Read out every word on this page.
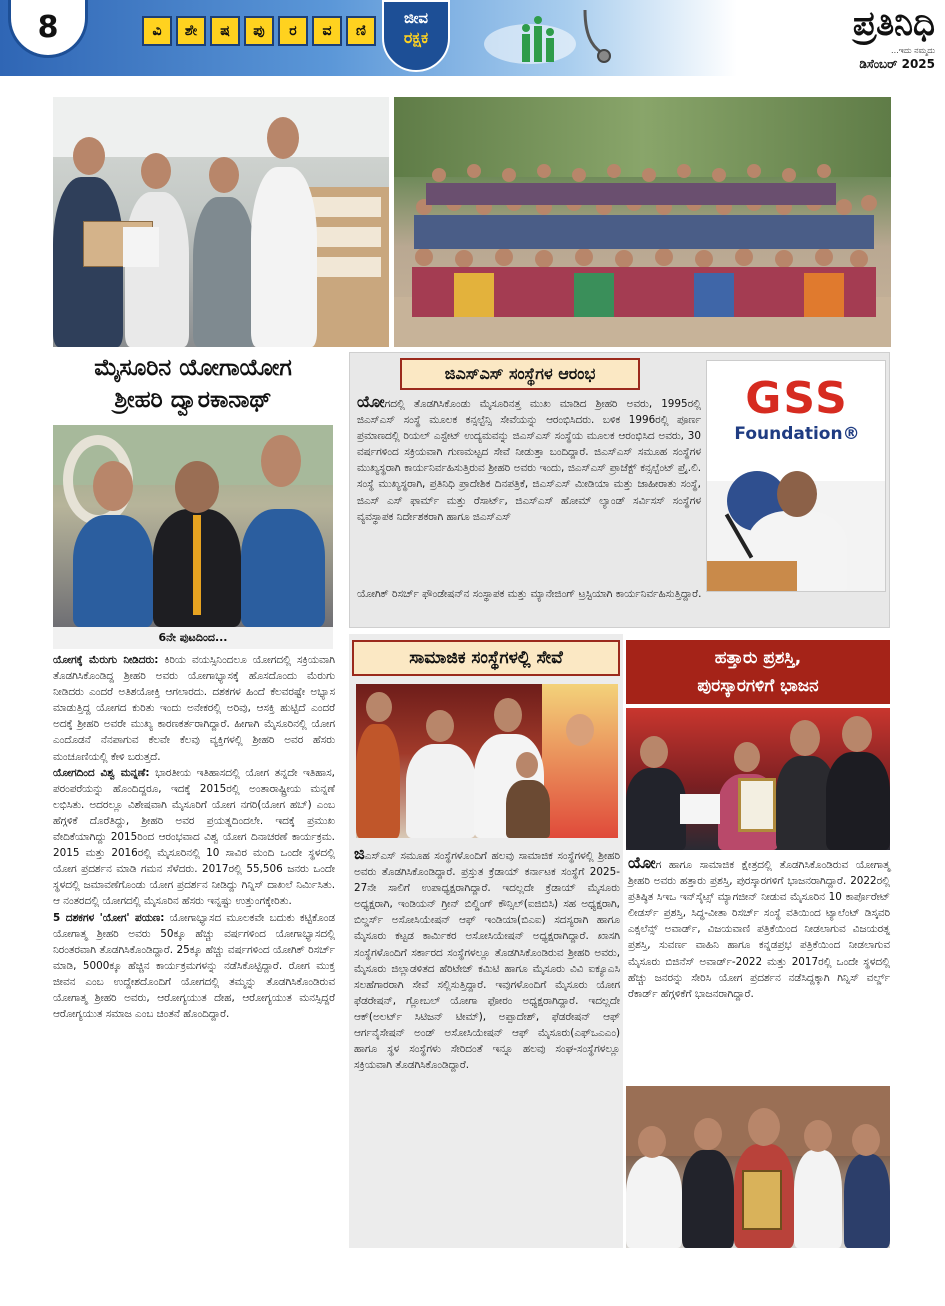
8	ವಿ	ಶೇ	ಷ	ಪು	ರ	ವ	ಣಿ
ಜೀವ
ರಕ್ಷಕ	ಪ್ರತಿನಿಧಿ
...ಇದು ನಮ್ಮದು
ಡಿಸೆಂಬರ್ 2025
ಮೈಸೂರಿನ ಯೋಗಾಯೋಗ
ಶ್ರೀಹರಿ ದ್ವಾರಕಾನಾಥ್
6ನೇ ಪುಟದಿಂದ...

ಯೋಗಕ್ಕೆ ಮೆರುಗು ನೀಡಿದರು: ಕಿರಿಯ ವಯಸ್ಸಿನಿಂದಲೂ ಯೋಗದಲ್ಲಿ ಸಕ್ರಿಯವಾಗಿ ತೊಡಗಿಸಿಕೊಂಡಿದ್ದ ಶ್ರೀಹರಿ ಅವರು ಯೋಗಾಭ್ಯಾಸಕ್ಕೆ ಹೊಸದೊಂದು ಮೆರುಗು ನೀಡಿದರು ಎಂದರೆ ಅತಿಶಯೋಕ್ತಿ ಆಗಲಾರದು. ದಶಕಗಳ ಹಿಂದೆ ಕೆಲವರಷ್ಟೇ ಅಭ್ಯಾಸ ಮಾಡುತ್ತಿದ್ದ ಯೋಗದ ಕುರಿತು ಇಂದು ಅನೇಕರಲ್ಲಿ ಅರಿವು, ಆಸಕ್ತಿ ಹುಟ್ಟಿದೆ ಎಂದರೆ ಅದಕ್ಕೆ ಶ್ರೀಹರಿ ಅವರೇ ಮುಖ್ಯ ಕಾರಣಕರ್ತರಾಗಿದ್ದಾರೆ. ಹೀಗಾಗಿ ಮೈಸೂರಿನಲ್ಲಿ ಯೋಗ ಎಂದೊಡನೆ ನೆನಪಾಗುವ ಕೆಲವೇ ಕೆಲವು ವ್ಯಕ್ತಿಗಳಲ್ಲಿ ಶ್ರೀಹರಿ ಅವರ ಹೆಸರು ಮಂಚೂಣಿಯಲ್ಲಿ ಕೇಳಿ ಬರುತ್ತದೆ.

ಯೋಗದಿಂದ ವಿಶ್ವ ಮನ್ನಣೆ: ಭಾರತೀಯ ಇತಿಹಾಸದಲ್ಲಿ ಯೋಗ ತನ್ನದೇ ಇತಿಹಾಸ, ಪರಂಪರೆಯನ್ನು ಹೊಂದಿದ್ದರೂ, ಇದಕ್ಕೆ 2015ರಲ್ಲಿ ಅಂತಾರಾಷ್ಟ್ರೀಯ ಮನ್ನಣೆ ಲಭಿಸಿತು. ಅದರಲ್ಲೂ ವಿಶೇಷವಾಗಿ ಮೈಸೂರಿಗೆ ಯೋಗ ನಗರಿ(ಯೋಗ ಹಬ್) ಎಂಬ ಹೆಗ್ಗಳಿಕೆ ದೊರೆತಿದ್ದು, ಶ್ರೀಹರಿ ಅವರ ಪ್ರಯತ್ನದಿಂದಲೇ. ಇದಕ್ಕೆ ಪ್ರಮುಖ ವೇದಿಕೆಯಾಗಿದ್ದು 2015ರಿಂದ ಆರಂಭವಾದ ವಿಶ್ವ ಯೋಗ ದಿನಾಚರಣೆ ಕಾರ್ಯಕ್ರಮ. 2015 ಮತ್ತು 2016ರಲ್ಲಿ ಮೈಸೂರಿನಲ್ಲಿ 10 ಸಾವಿರ ಮಂದಿ ಒಂದೇ ಸ್ಥಳದಲ್ಲಿ ಯೋಗ ಪ್ರದರ್ಶನ ಮಾಡಿ ಗಮನ ಸೆಳೆದರು. 2017ರಲ್ಲಿ 55,506 ಜನರು ಒಂದೇ ಸ್ಥಳದಲ್ಲಿ ಜಮಾವಣೆಗೊಂಡು ಯೋಗ ಪ್ರದರ್ಶನ ನೀಡಿದ್ದು ಗಿನ್ನಿಸ್ ದಾಖಲೆ ನಿರ್ಮಿಸಿತು. ಆ ನಂತರದಲ್ಲಿ ಯೋಗದಲ್ಲಿ ಮೈಸೂರಿನ ಹೆಸರು ಇನ್ನಷ್ಟು ಉತ್ತುಂಗಕ್ಕೇರಿತು.

5 ದಶಕಗಳ 'ಯೋಗ' ಪಯಣ: ಯೋಗಾಭ್ಯಾಸದ ಮೂಲಕವೇ ಬದುಕು ಕಟ್ಟಿಕೊಂಡ ಯೋಗಾತ್ಮ ಶ್ರೀಹರಿ ಅವರು 50ಕ್ಕೂ ಹೆಚ್ಚು ವರ್ಷಗಳಿಂದ ಯೋಗಾಭ್ಯಾಸದಲ್ಲಿ ನಿರಂತರವಾಗಿ ತೊಡಗಿಸಿಕೊಂಡಿದ್ದಾರೆ. 25ಕ್ಕೂ ಹೆಚ್ಚು ವರ್ಷಗಳಿಂದ ಯೋಗಿಕ್ ರಿಸರ್ಚ್ ಮಾಡಿ, 5000ಕ್ಕೂ ಹೆಚ್ಚಿನ ಕಾರ್ಯಕ್ರಮಗಳನ್ನು ನಡೆಸಿಕೊಟ್ಟಿದ್ದಾರೆ. ರೋಗ ಮುಕ್ತ ಜೀವನ ಎಂಬ ಉದ್ದೇಶದೊಂದಿಗೆ ಯೋಗದಲ್ಲಿ ತಮ್ಮನ್ನು ತೊಡಗಿಸಿಕೊಂಡಿರುವ ಯೋಗಾತ್ಮ ಶ್ರೀಹರಿ ಅವರು, ಆರೋಗ್ಯಯುತ ದೇಹ, ಆರೋಗ್ಯಯುತ ಮನಸ್ಸಿದ್ದರೆ ಆರೋಗ್ಯಯುತ ಸಮಾಜ ಎಂಬ ಚಿಂತನೆ ಹೊಂದಿದ್ದಾರೆ.

ಜಿಎಸ್‌ಎಸ್ ಸಂಸ್ಥೆಗಳ ಆರಂಭ
ಯೋಗದಲ್ಲಿ ತೊಡಗಿಸಿಕೊಂಡು ಮೈಸೂರಿನತ್ತ ಮುಖ ಮಾಡಿದ ಶ್ರೀಹರಿ ಅವರು, 1995ರಲ್ಲಿ ಜಿಎಸ್‌ಎಸ್ ಸಂಸ್ಥೆ ಮೂಲಕ ಕನ್ಸಲ್ಟೆನ್ಸಿ ಸೇವೆಯನ್ನು ಆರಂಭಿಸಿದರು. ಬಳಿಕ 1996ರಲ್ಲಿ ಪೂರ್ಣ ಪ್ರಮಾಣದಲ್ಲಿ ರಿಯಲ್ ಎಸ್ಟೇಟ್ ಉದ್ಯಮವನ್ನು ಜಿಎಸ್‌ಎಸ್ ಸಂಸ್ಥೆಯ ಮೂಲಕ ಆರಂಭಿಸಿದ ಅವರು, 30 ವರ್ಷಗಳಿಂದ ಸಕ್ರಿಯವಾಗಿ ಗುಣಮಟ್ಟದ ಸೇವೆ ನೀಡುತ್ತಾ ಬಂದಿದ್ದಾರೆ. ಜಿಎಸ್‌ಎಸ್ ಸಮೂಹ ಸಂಸ್ಥೆಗಳ ಮುಖ್ಯಸ್ಥರಾಗಿ ಕಾರ್ಯನಿರ್ವಹಿಸುತ್ತಿರುವ ಶ್ರೀಹರಿ ಅವರು ಇಂದು, ಜಿಎಸ್‌ಎಸ್ ಪ್ರಾಜೆಕ್ಟ್ ಕನ್ಸಲ್ಟೆಂಟ್ ಪ್ರೈ.ಲಿ. ಸಂಸ್ಥೆ ಮುಖ್ಯಸ್ಥರಾಗಿ, ಪ್ರತಿನಿಧಿ ಪ್ರಾದೇಶಿಕ ದಿನಪತ್ರಿಕೆ, ಜಿಎಸ್‌ಎಸ್ ಮೀಡಿಯಾ ಮತ್ತು ಜಾಹೀರಾತು ಸಂಸ್ಥೆ, ಜಿಎಸ್ ಎಸ್ ಫಾರ್ಮ್ ಮತ್ತು ರೆಸಾರ್ಟ್, ಜಿಎಸ್‌ಎಸ್ ಹೋಮ್ ಲ್ಯಾಂಡ್ ಸರ್ವಿಸಸ್ ಸಂಸ್ಥೆಗಳ ವ್ಯವಸ್ಥಾಪಕ ನಿರ್ದೇಶಕರಾಗಿ ಹಾಗೂ ಜಿಎಸ್‌ಎಸ್
ಯೋಗಿಕ್ ರಿಸರ್ಚ್ ಫೌಂಡೇಷನ್‌ನ ಸಂಸ್ಥಾಪಕ ಮತ್ತು ಮ್ಯಾನೇಜಿಂಗ್ ಟ್ರಸ್ಟಿಯಾಗಿ ಕಾರ್ಯನಿರ್ವಹಿಸುತ್ತಿದ್ದಾರೆ.
GSS
Foundation®
ಸಾಮಾಜಿಕ ಸಂಸ್ಥೆಗಳಲ್ಲಿ ಸೇವೆ
ಜಿಎಸ್‌ಎಸ್ ಸಮೂಹ ಸಂಸ್ಥೆಗಳೊಂದಿಗೆ ಹಲವು ಸಾಮಾಜಿಕ ಸಂಸ್ಥೆಗಳಲ್ಲಿ ಶ್ರೀಹರಿ ಅವರು ತೊಡಗಿಸಿಕೊಂಡಿದ್ದಾರೆ. ಪ್ರಸ್ತುತ ಕ್ರೆಡಾಯ್ ಕರ್ನಾಟಕ ಸಂಸ್ಥೆಗೆ 2025-27ನೇ ಸಾಲಿಗೆ ಉಪಾಧ್ಯಕ್ಷರಾಗಿದ್ದಾರೆ. ಇದಲ್ಲದೇ ಕ್ರೆಡಾಯ್ ಮೈಸೂರು ಅಧ್ಯಕ್ಷರಾಗಿ, ಇಂಡಿಯನ್ ಗ್ರೀನ್ ಬಿಲ್ಡಿಂಗ್ ಕೌನ್ಸಿಲ್(ಐಜಿಬಿಸಿ) ಸಹ ಅಧ್ಯಕ್ಷರಾಗಿ, ಬಿಲ್ಡರ್ಸ್ ಅಸೋಸಿಯೇಷನ್ ಆಫ್ ಇಂಡಿಯಾ(ಬಿಎಐ) ಸದಸ್ಯರಾಗಿ ಹಾಗೂ ಮೈಸೂರು ಕಟ್ಟಡ ಕಾರ್ಮಿಕರ ಅಸೋಸಿಯೇಷನ್ ಅಧ್ಯಕ್ಷರಾಗಿದ್ದಾರೆ. ಖಾಸಗಿ ಸಂಸ್ಥೆಗಳೊಂದಿಗೆ ಸರ್ಕಾರದ ಸಂಸ್ಥೆಗಳಲ್ಲೂ ತೊಡಗಿಸಿಕೊಂಡಿರುವ ಶ್ರೀಹರಿ ಅವರು, ಮೈಸೂರು ಜಿಲ್ಲಾಡಳಿತದ ಹೆರಿಟೇಜ್ ಕಮಿಟಿ ಹಾಗೂ ಮೈಸೂರು ವಿವಿ ಐಕ್ಯೂಎಸಿ ಸಲಹೆಗಾರರಾಗಿ ಸೇವೆ ಸಲ್ಲಿಸುತ್ತಿದ್ದಾರೆ. ಇವುಗಳೊಂದಿಗೆ ಮೈಸೂರು ಯೋಗ ಫೆಡರೇಷನ್, ಗ್ಲೋಬಲ್ ಯೋಗಾ ಫೋರಂ ಅಧ್ಯಕ್ಷರಾಗಿದ್ದಾರೆ. ಇದಲ್ಲದೇ ಆಕ್(ಅಲರ್ಟ್ ಸಿಟಿಜನ್ ಟೀಮ್), ಅಪ್ಪಾದೇಶ್, ಫೆಡರೇಷನ್ ಆಫ್ ಆರ್ಗನೈಸೇಷನ್ ಅಂಡ್ ಅಸೋಸಿಯೇಷನ್ ಆಫ್ ಮೈಸೂರು(ಎಫ್‌ಒಎಎಂ) ಹಾಗೂ ಸ್ಥಳ ಸಂಸ್ಥೆಗಳು ಸೇರಿದಂತೆ ಇನ್ನೂ ಹಲವು ಸಂಘ-ಸಂಸ್ಥೆಗಳಲ್ಲೂ ಸಕ್ರಿಯವಾಗಿ ತೊಡಗಿಸಿಕೊಂಡಿದ್ದಾರೆ.
ಹತ್ತಾರು ಪ್ರಶಸ್ತಿ,
ಪುರಸ್ಕಾರಗಳಿಗೆ ಭಾಜನ
ಯೋಗ ಹಾಗೂ ಸಾಮಾಜಿಕ ಕ್ಷೇತ್ರದಲ್ಲಿ ತೊಡಗಿಸಿಕೊಂಡಿರುವ ಯೋಗಾತ್ಮ ಶ್ರೀಹರಿ ಅವರು ಹತ್ತಾರು ಪ್ರಶಸ್ತಿ, ಪುರಸ್ಕಾರಗಳಿಗೆ ಭಾಜನರಾಗಿದ್ದಾರೆ. 2022ರಲ್ಲಿ ಪ್ರತಿಷ್ಠಿತ ಸಿಇಒ ಇನ್‌ಸೈಟ್ಸ್ ಮ್ಯಾಗಜೀನ್ ನೀಡುವ ಮೈಸೂರಿನ 10 ಕಾರ್ಪೊರೇಟ್ ಲೀಡರ್ಸ್ ಪ್ರಶಸ್ತಿ, ಸಿದ್ಧ-ವೀತಾ ರಿಸರ್ಚ್ ಸಂಸ್ಥೆ ವತಿಯಿಂದ ಟ್ಯಾಲೆಂಟ್ ಡಿಸ್ಕವರಿ ಎಕ್ಸಲೆನ್ಸ್ ಅವಾರ್ಡ್, ವಿಜಯವಾಣಿ ಪತ್ರಿಕೆಯಿಂದ ನೀಡಲಾಗುವ ವಿಜಯರತ್ನ ಪ್ರಶಸ್ತಿ, ಸುವರ್ಣ ವಾಹಿನಿ ಹಾಗೂ ಕನ್ನಡಪ್ರಭ ಪತ್ರಿಕೆಯಿಂದ ನೀಡಲಾಗುವ ಮೈಸೂರು ಬಿಜಿನೆಸ್ ಅವಾರ್ಡ್-2022 ಮತ್ತು 2017ರಲ್ಲಿ ಒಂದೇ ಸ್ಥಳದಲ್ಲಿ ಹೆಚ್ಚು ಜನರನ್ನು ಸೇರಿಸಿ ಯೋಗ ಪ್ರದರ್ಶನ ನಡೆಸಿದ್ದಕ್ಕಾಗಿ ಗಿನ್ನಿಸ್ ವರ್ಲ್ಡ್ ರೆಕಾರ್ಡ್ ಹೆಗ್ಗಳಿಕೆಗೆ ಭಾಜನರಾಗಿದ್ದಾರೆ.
